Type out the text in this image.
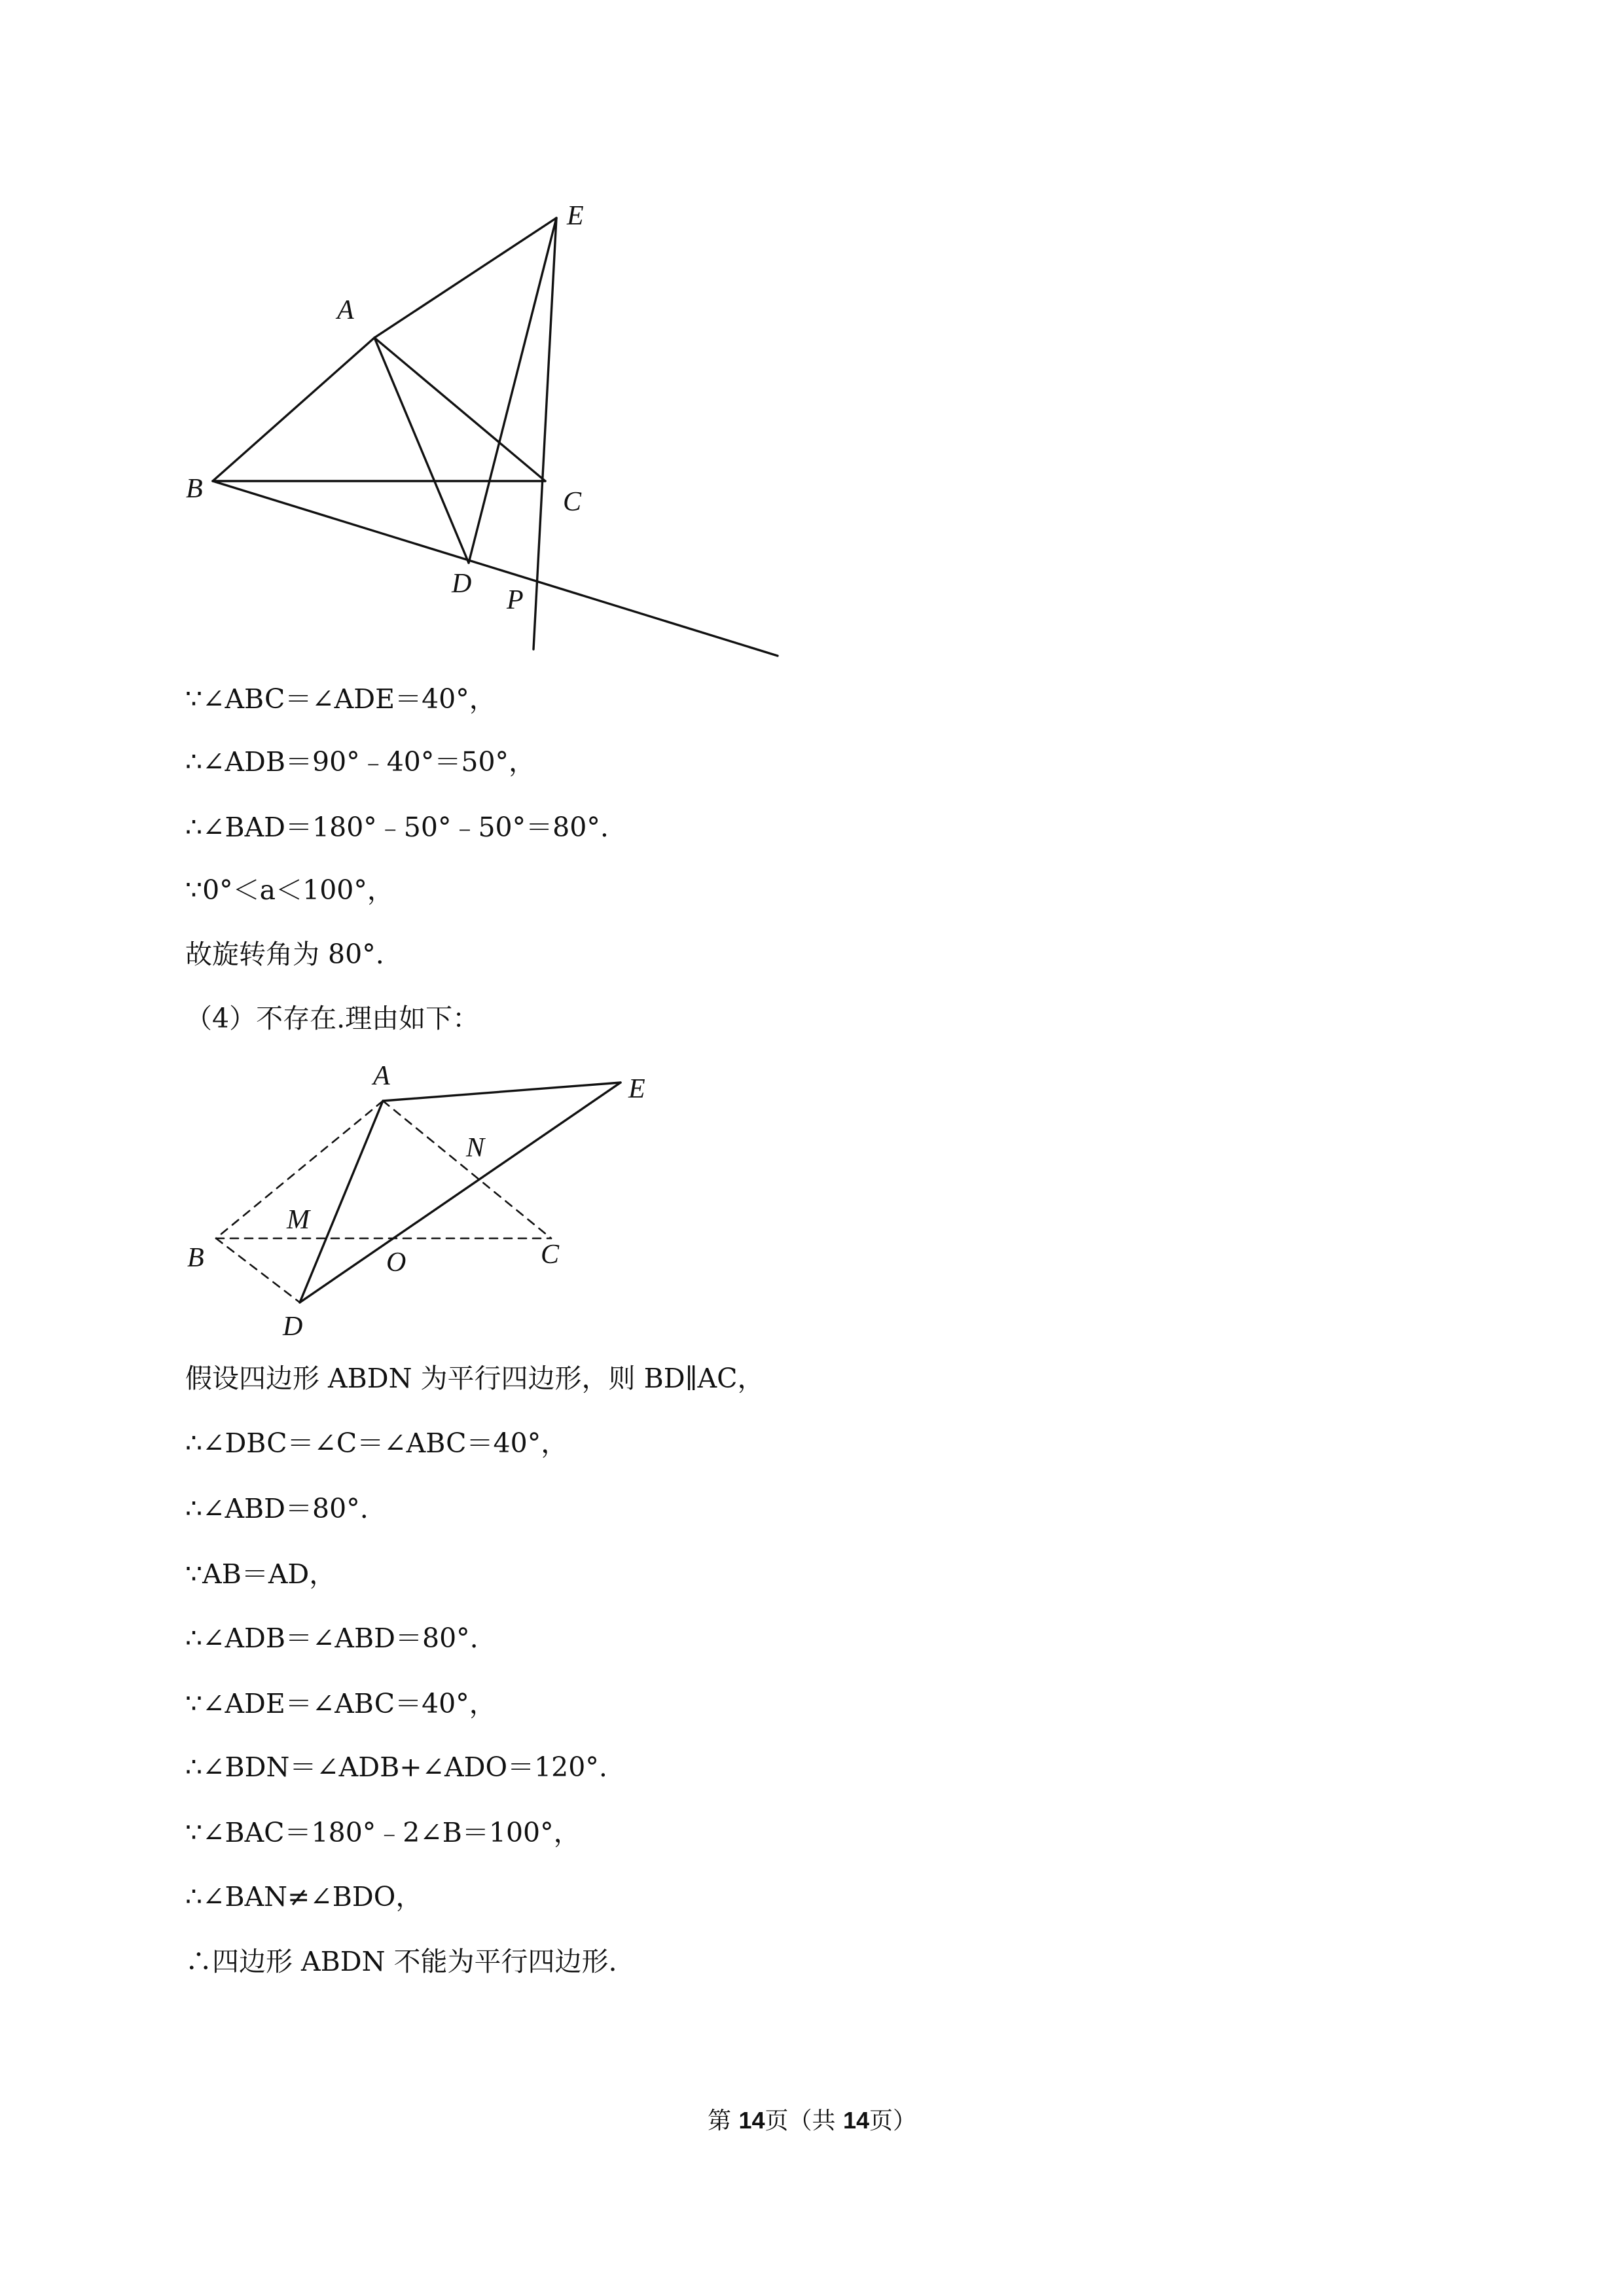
A
B	C
D
E
P
∵∠ABC＝∠ADE＝40°，
∴∠ADB＝90°﹣40°＝50°，
∴∠BAD＝180°﹣50°﹣50°＝80°.
∵0°＜a＜100°，
故旋转角为 80°.
（4）不存在.理由如下：
A	E
N
M
B	O	C
D
假设四边形 ABDN 为平行四边形，则 BD∥AC，
∴∠DBC＝∠C＝∠ABC＝40°，
∴∠ABD＝80°.
∵AB＝AD，
∴∠ADB＝∠ABD＝80°.
∵∠ADE＝∠ABC＝40°，
∴∠BDN＝∠ADB+∠ADO＝120°.
∵∠BAC＝180°﹣2∠B＝100°，
∴∠BAN≠∠BDO，
∴四边形 ABDN 不能为平行四边形.
第 14页（共 14页）
